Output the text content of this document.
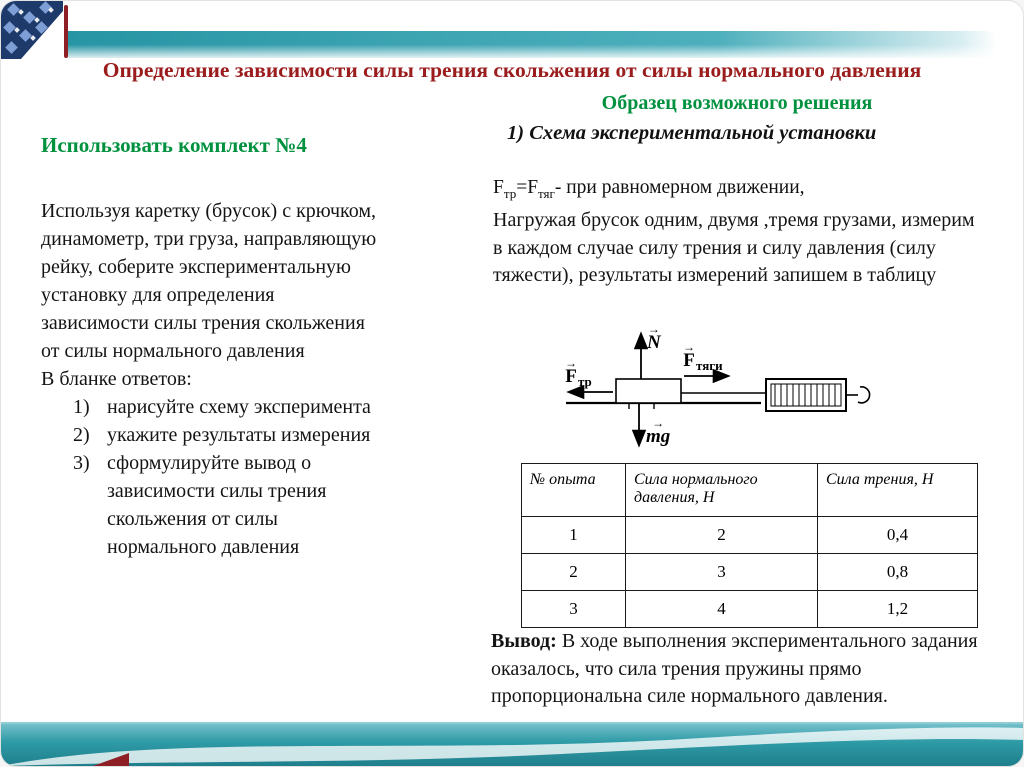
Определение зависимости силы трения скольжения от силы нормального давления
Образец возможного решения
1) Схема экспериментальной установки
Использовать комплект №4
Используя каретку (брусок) с крючком, динамометр, три груза, направляющую рейку, соберите экспериментальную установку для определения зависимости силы трения скольжения от силы нормального давления
В бланке ответов:
1) нарисуйте схему эксперимента
2) укажите результаты измерения
3) сформулируйте вывод о зависимости силы трения скольжения от силы нормального давления
$F_{тр}=F_{тяг}-$ при равномерном движении,
Нагружая брусок одним, двумя ,тремя грузами, измерим в каждом случае силу трения и силу давления (силу тяжести), результаты измерений запишем в таблицу
→
N
→
F тр
→
F тяги
→
mg
№ опыта	Сила нормального давления, Н	Сила трения, Н
1	2	0,4
2	3	0,8
3	4	1,2
Вывод: В ходе выполнения экспериментального задания оказалось, что сила трения пружины прямо пропорциональна силе нормального давления.
